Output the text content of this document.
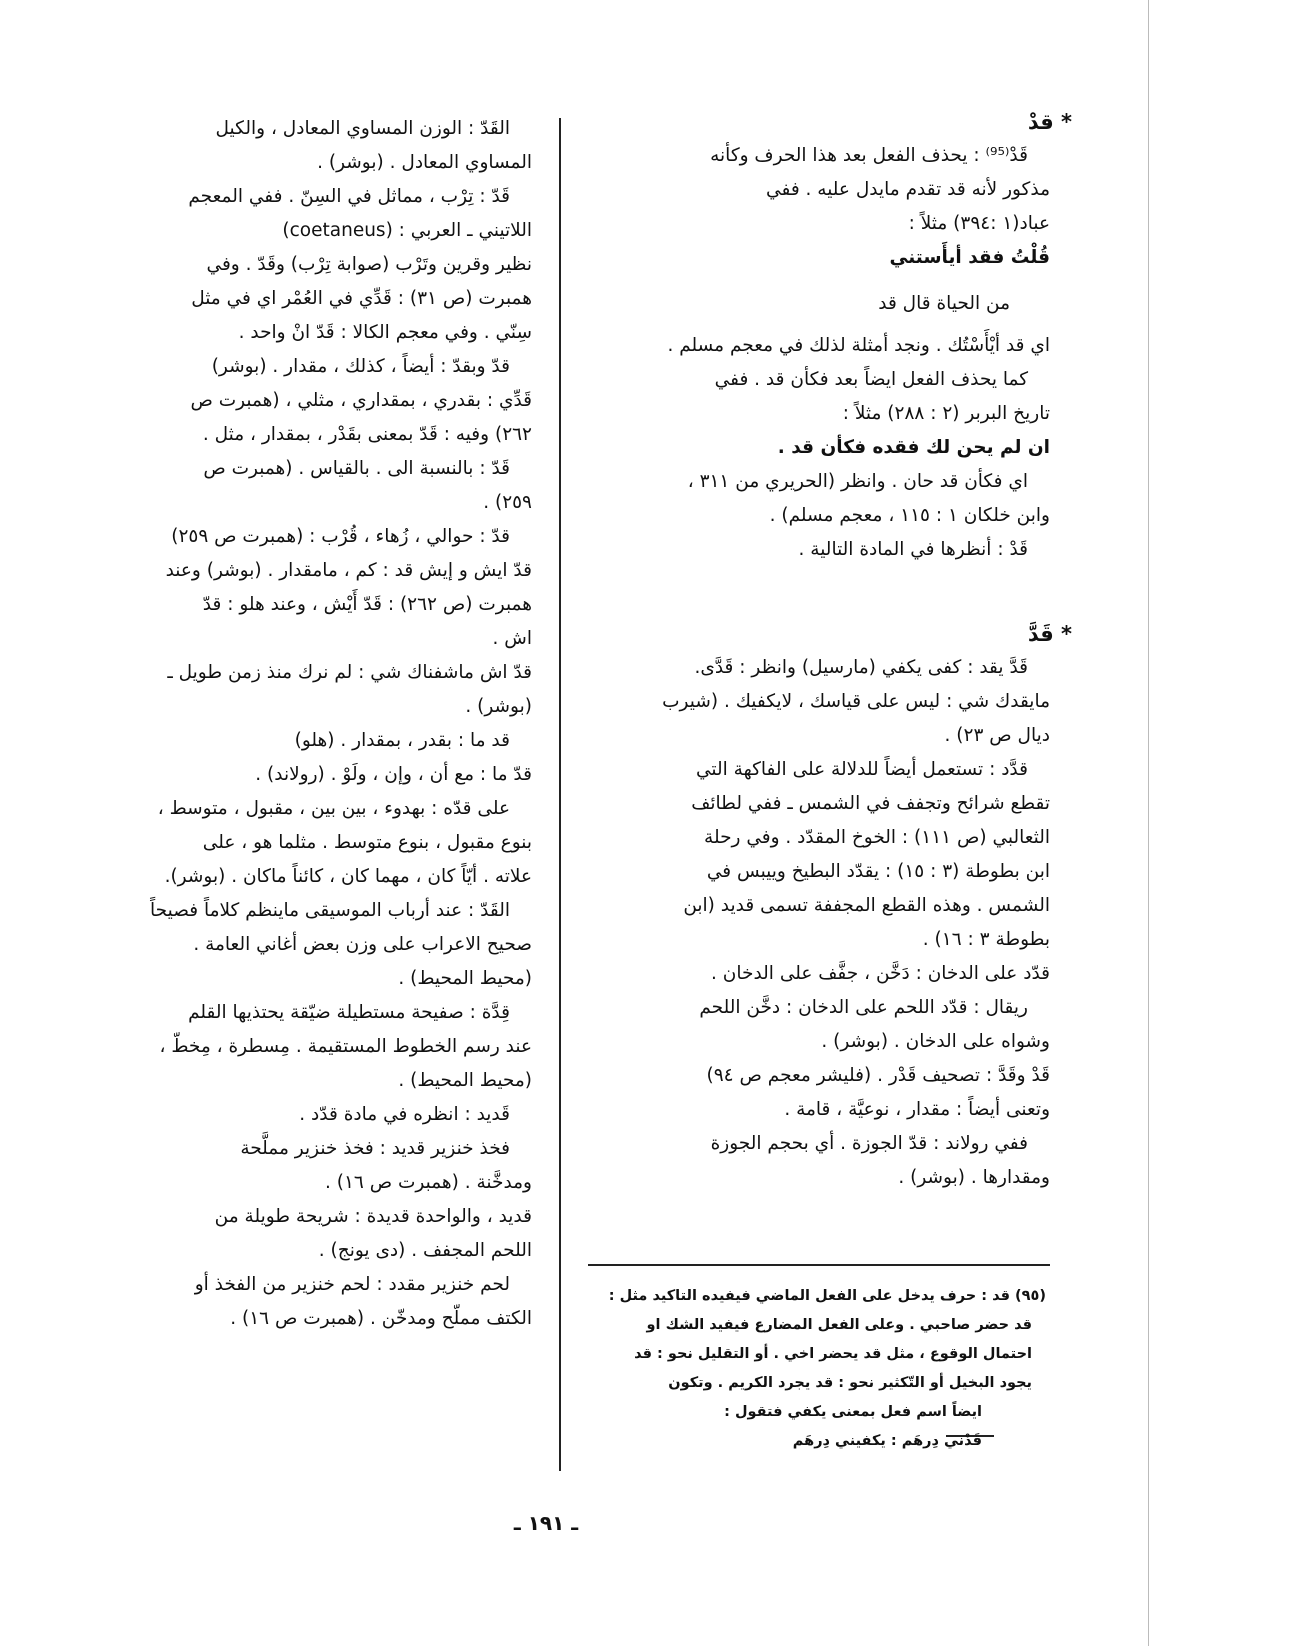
* قدْ

قَدْ⁽⁹⁵⁾ : يحذف الفعل بعد هذا الحرف وكأنه

مذكور لأنه قد تقدم مايدل عليه . ففي

عباد(١ :٣٩٤) مثلاً :

قُلْتُ فقد أيأَستني

من الحياة قال قد

اي قد أيْأَسْتُك . ونجد أمثلة لذلك في معجم مسلم .

كما يحذف الفعل ايضاً بعد فكأن قد . ففي

تاريخ البربر (٢ : ٢٨٨) مثلاً :

ان لم يحن لك فقده فكأن قد .

اي فكأن قد حان . وانظر (الحريري من ٣١١ ،

وابن خلكان ١ : ١١٥ ، معجم مسلم) .

قَدْ : أنظرها في المادة التالية .

* قَدَّ

قَدَّ يقد : كفى يكفي (مارسيل) وانظر : قَدَّى.

مايقدك شي : ليس على قياسك ، لايكفيك . (شيرب

ديال ص ٢٣) .

قدَّد : تستعمل أيضاً للدلالة على الفاكهة التي

تقطع شرائح وتجفف في الشمس ـ ففي لطائف

الثعالبي (ص ١١١) : الخوخ المقدّد . وفي رحلة

ابن بطوطة (٣ : ١٥) : يقدّد البطيخ وييبس في

الشمس . وهذه القطع المجففة تسمى قديد (ابن

بطوطة ٣ : ١٦) .

قدّد على الدخان : دَخَّن ، جفَّف على الدخان .

ريقال : قدّد اللحم على الدخان : دخَّن اللحم

وشواه على الدخان . (بوشر) .

قَدْ وقَدَّ : تصحيف قَدْر . (فليشر معجم ص ٩٤)

وتعنى أيضاً : مقدار ، نوعيَّة ، قامة .

ففي رولاند : قدّ الجوزة . أي بحجم الجوزة

ومقدارها . (بوشر) .

القَدّ : الوزن المساوي المعادل ، والكيل

المساوي المعادل . (بوشر) .

قَدّ : تِرْب ، مماثل في السِنّ . ففي المعجم

اللاتيني ـ العربي : (coetaneus)

نظير وقرين وتَرْب (صوابة تِرْب) وقَدّ . وفي

همبرت (ص ٣١) : قَدِّي في العُمْر اي في مثل

سِنّي . وفي معجم الكالا : قَدّ انْ واحد .

قدّ وبقدّ : أيضاً ، كذلك ، مقدار . (بوشر)

قَدِّي : بقدري ، بمقداري ، مثلي ، (همبرت ص

٢٦٢) وفيه : قَدّ بمعنى بقَدْر ، بمقدار ، مثل .

قَدّ : بالنسبة الى . بالقياس . (همبرت ص

٢٥٩) .

قدّ : حوالي ، زُهاء ، قُرْب : (همبرت ص ٢٥٩)

قدّ ايش و إيش قد : كم ، مامقدار . (بوشر) وعند

همبرت (ص ٢٦٢) : قَدّ أَيْش ، وعند هلو : قدّ

اش .

قدّ اش ماشفناك شي : لم نرك منذ زمن طويل ـ

(بوشر) .

قد ما : بقدر ، بمقدار . (هلو)

قدّ ما : مع أن ، وإن ، ولَوْ . (رولاند) .

على قدّه : بهدوء ، بين بين ، مقبول ، متوسط ،

بنوع مقبول ، بنوع متوسط . مثلما هو ، على

علاته . أيّاً كان ، مهما كان ، كائناً ماكان . (بوشر).

القَدّ : عند أرباب الموسيقى ماينظم كلاماً فصيحاً

صحيح الاعراب على وزن بعض أغاني العامة .

(محيط المحيط) .

قِدَّة : صفيحة مستطيلة ضيّقة يحتذيها القلم

عند رسم الخطوط المستقيمة . مِسطرة ، مِخطّ ،

(محيط المحيط) .

قَديد : انظره في مادة قدّد .

فخذ خنزير قديد : فخذ خنزير مملَّحة

ومدخَّنة . (همبرت ص ١٦) .

قديد ، والواحدة قديدة : شريحة طويلة من

اللحم المجفف . (دى يونج) .

لحم خنزير مقدد : لحم خنزير من الفخذ أو

الكتف مملّح ومدخّن . (همبرت ص ١٦) .

(٩٥) قد : حرف يدخل على الفعل الماضي فيفيده التاكيد مثل :

قد حضر صاحبي . وعلى الفعل المضارع فيفيد الشك او

احتمال الوقوع ، مثل قد يحضر اخي . أو التقليل نحو : قد

يجود البخيل أو التّكثير نحو : قد يجرد الكريم . وتكون

ايضاً اسم فعل بمعنى يكفي فتقول :

قَدْني دِرهَم : يكفيني دِرهَم

ـ ١٩١ ـ
